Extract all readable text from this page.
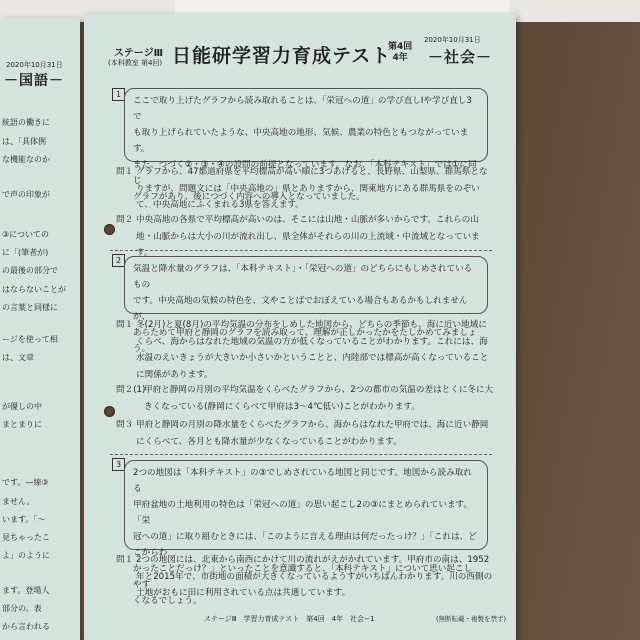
2020年10月31日
－国語－
統語の働きに
は、「具体例
な機能なのか
で声の印象が
③についての
に「(筆者が)
の最後の部分で
はならないことが
の言葉と同様に
ージを使って相
は、文章
が優しの中
まとまりに
です。—線③
ません。
います。「～
見ちゃったこ
よ」のように
ます。登場人
部分の。表
から言われる
ステージⅢ
(本科教室 第4回) 日能研学習力育成テスト
第4回
4年
2020年10月31日
－社会－
1

ここで取り上げたグラフから読み取れることは、「栄冠への道」の学び直しⅠや学び直し3で

も取り上げられていたような、中央高地の地形、気候、農業の特色ともつながっています。

また、つづく②・③・④の設問の前提となっています。なお、「本科テキスト」では①に同じ

グラフがあり、後につづく内容への導入となっていました。

問１ グラフから、47都道府県を平均標高が高い順に3つあげると、長野県、山梨県、群馬県となりますが、問題文には「中央高地の」県とありますから、関東地方にある群馬県をのぞいて、中央高地にふくまれる3県を答えます。
問２ 中央高地の各県で平均標高が高いのは、そこには山地・山脈が多いからです。これらの山地・山脈からは大小の川が流れ出し、県全体がそれらの川の上流域・中流域となっています。
2

気温と降水量のグラフは、「本科テキスト」・「栄冠への道」のどちらにもしめされているもの

です。中央高地の気候の特色を、文やことばでおぼえている場合もあるかもしれませんが、

あらためて甲府と静岡のグラフを読み取って、理解が正しかったかをたしかめてみましょう。

問１ 冬(2月)と夏(8月)の平均気温の分布をしめした地図から、どちらの季節も、海に近い地域にくらべ、海からはなれた地域の気温の方が低くなっていることがわかります。これには、海水温のえいきょうが大きいか小さいかということと、内陸部では標高が高くなっていることに関係があります。
問２(1)
甲府と静岡の月別の平均気温をくらべたグラフから、2つの都市の気温の差はとくに冬に大きくなっている(静岡にくらべて甲府は3～4℃低い)ことがわかります。
問３ 甲府と静岡の月別の降水量をくらべたグラフから、海からはなれた甲府では、海に近い静岡にくらべて、各月とも降水量が少なくなっていることがわかります。
3

2つの地図は「本科テキスト」の③でしめされている地図と同じです。地図から読み取れる

甲府盆地の土地利用の特色は「栄冠への道」の思い起こし2の③にまとめられています。「栄

冠への道」に取り組むときには、「このように言える理由は何だったっけ？」「これは、どこからわ

かったことだっけ？」といったことを意識すると、「本科テキスト」について思い起こしやす

くなるでしょう。

問１ 2つの地図には、北東から南西にかけて川の流れがえがかれています。甲府市の南は、1952年と2015年で、市街地の面積が大きくなっているようすがいちばんわかります。川の西側の土地がおもに田に利用されている点は共通しています。
ステージⅢ　学習力育成テスト　第4回　4年　社会−1	(無断転載・複製を禁ず)
